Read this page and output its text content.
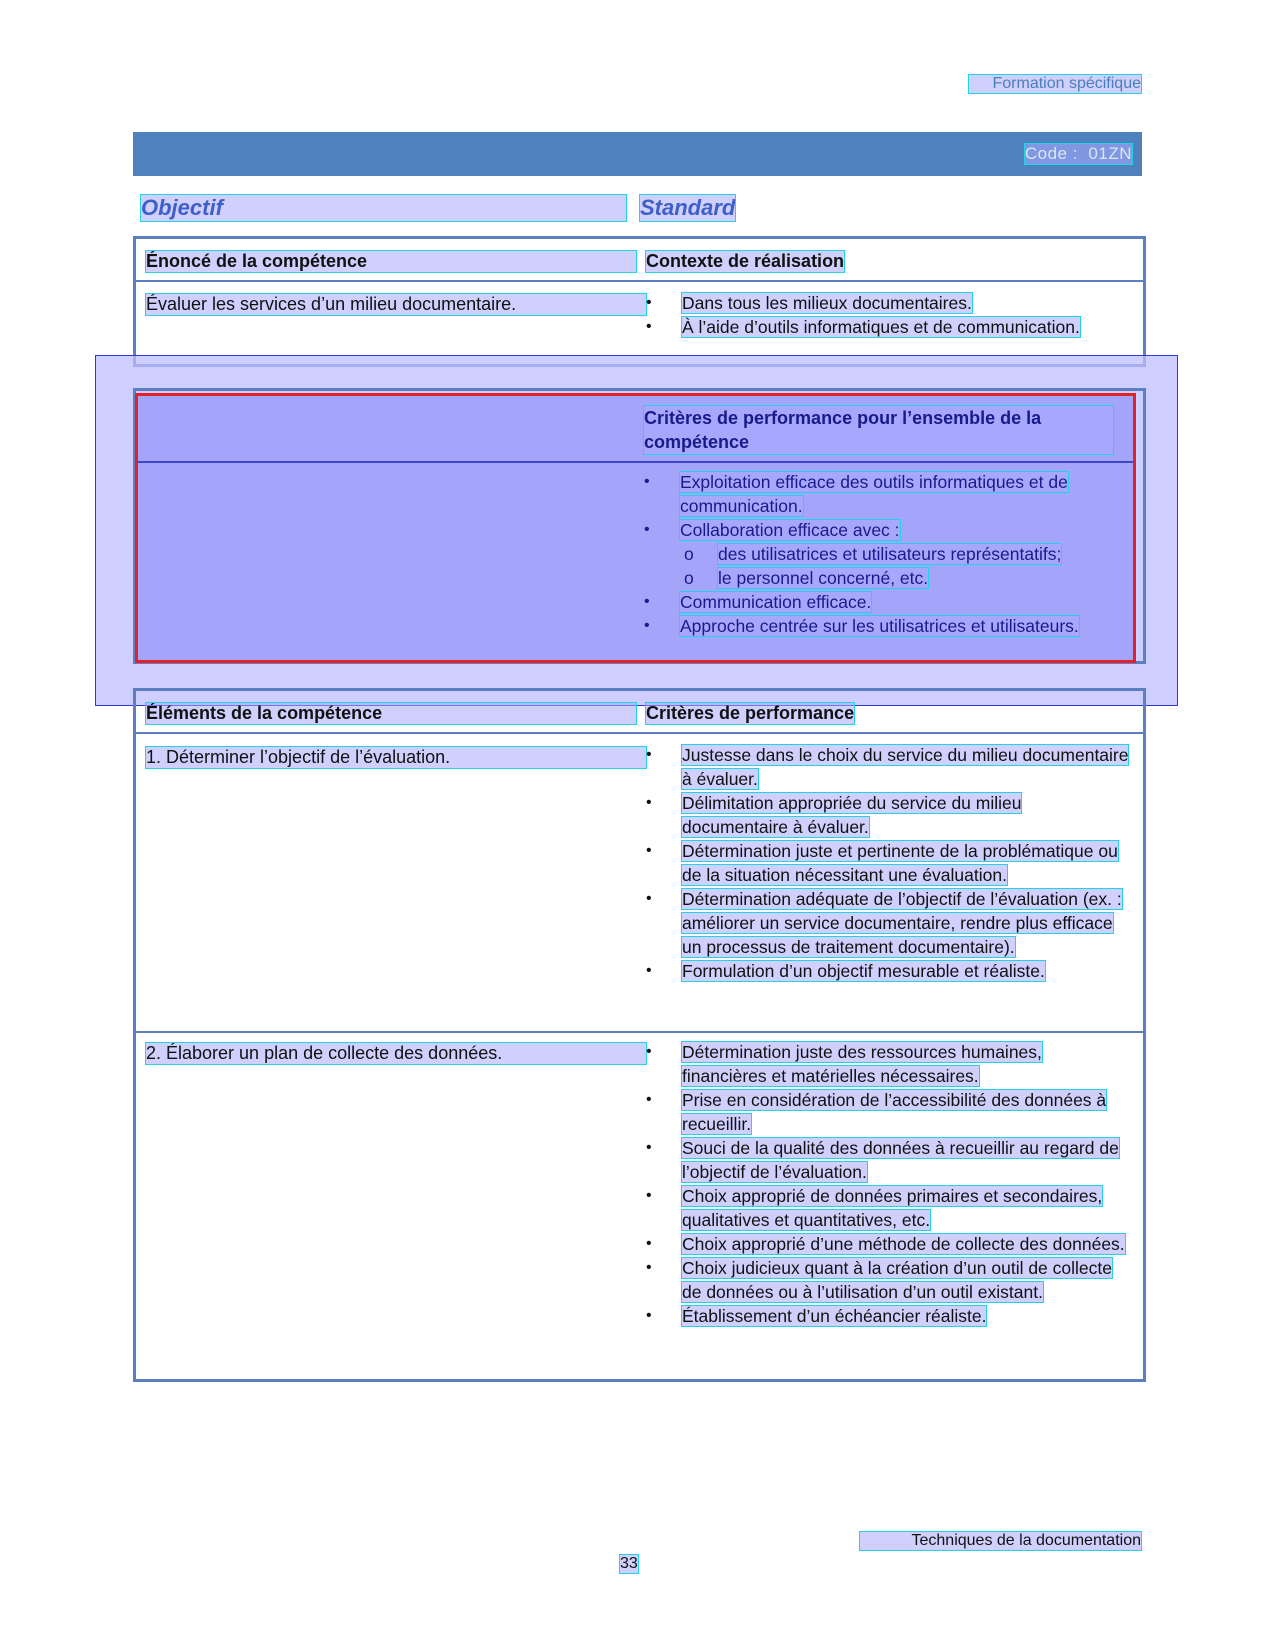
Formation spécifique
Code : 01ZN
Objectif	Standard
Énoncé de la compétence	Contexte de réalisation
Évaluer les services d’un milieu documentaire.	• Dans tous les milieux documentaires.
• À l’aide d’outils informatiques et de communication.
Critères de performance pour l’ensemble de la compétence
• Exploitation efficace des outils informatiques et de communication.
• Collaboration efficace avec :
o des utilisatrices et utilisateurs représentatifs;
o le personnel concerné, etc.
• Communication efficace.
• Approche centrée sur les utilisatrices et utilisateurs.
Éléments de la compétence	Critères de performance
1. Déterminer l’objectif de l’évaluation.	• Justesse dans le choix du service du milieu documentaire à évaluer.
• Délimitation appropriée du service du milieu documentaire à évaluer.
• Détermination juste et pertinente de la problématique ou de la situation nécessitant une évaluation.
• Détermination adéquate de l’objectif de l’évaluation (ex. : améliorer un service documentaire, rendre plus efficace un processus de traitement documentaire).
• Formulation d’un objectif mesurable et réaliste.
2. Élaborer un plan de collecte des données.	• Détermination juste des ressources humaines, financières et matérielles nécessaires.
• Prise en considération de l’accessibilité des données à recueillir.
• Souci de la qualité des données à recueillir au regard de l’objectif de l’évaluation.
• Choix approprié de données primaires et secondaires, qualitatives et quantitatives, etc.
• Choix approprié d’une méthode de collecte des données.
• Choix judicieux quant à la création d’un outil de collecte de données ou à l’utilisation d’un outil existant.
• Établissement d’un échéancier réaliste.
Techniques de la documentation
33
